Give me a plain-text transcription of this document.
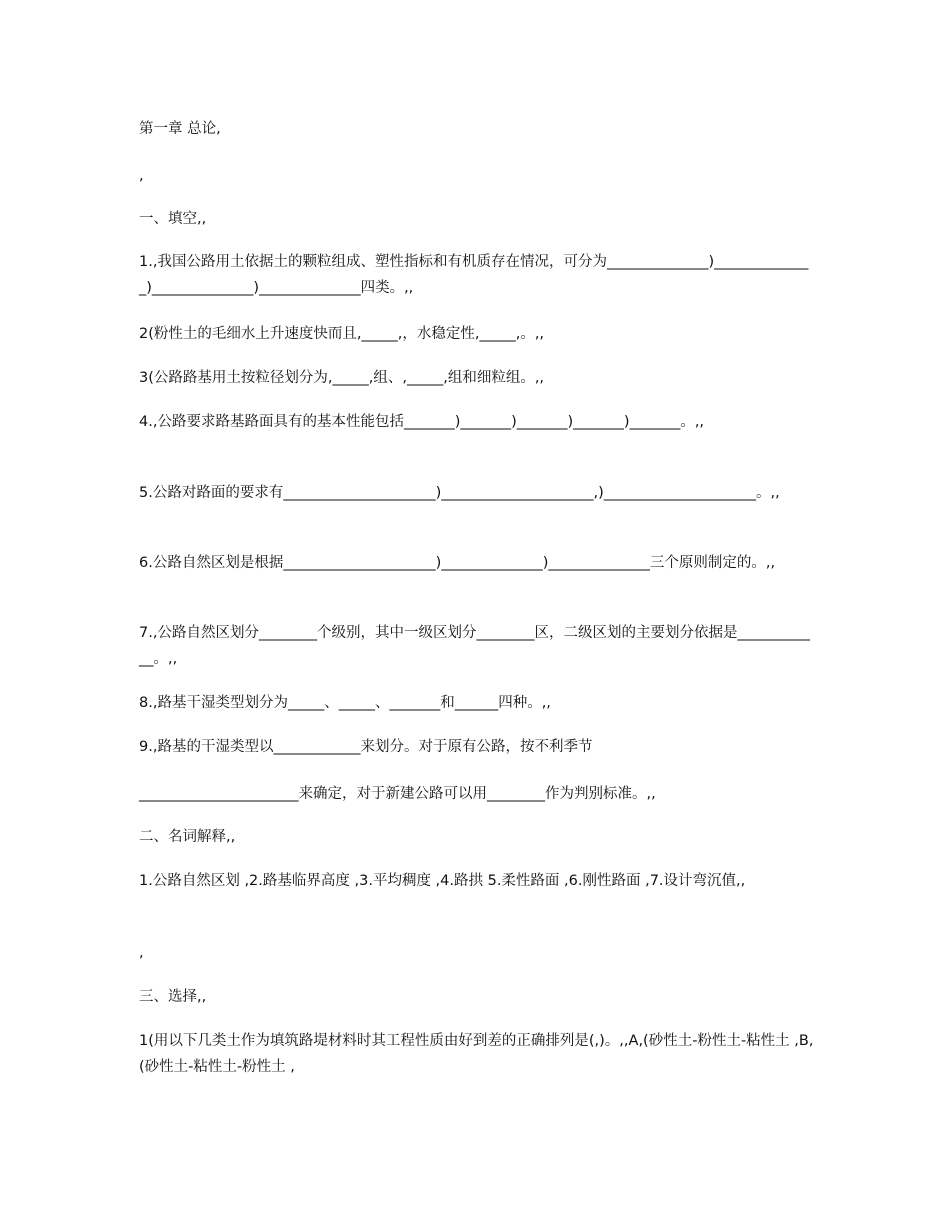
第一章 总论,

,

一、填空,,

1.,我国公路用土依据土的颗粒组成、塑性指标和有机质存在情况，可分为______________)______________)______________)______________四类。,,

2(粉性土的毛细水上升速度快而且,_____,，水稳定性,_____,。,,

3(公路路基用土按粒径划分为,_____,组、,_____,组和细粒组。,,

4.,公路要求路基路面具有的基本性能包括_______)_______)_______)_______)_______。,,

5.公路对路面的要求有_____________________)_____________________,)_____________________。,,

6.公路自然区划是根据_____________________)______________)______________三个原则制定的。,,

7.,公路自然区划分________个级别，其中一级区划分________区，二级区划的主要划分依据是____________。,,

8.,路基干湿类型划分为_____、_____、_______和______四种。,,

9.,路基的干湿类型以____________来划分。对于原有公路，按不利季节

______________________来确定，对于新建公路可以用________作为判别标准。,,

二、名词解释,,

1.公路自然区划 ,2.路基临界高度 ,3.平均稠度 ,4.路拱 5.柔性路面 ,6.刚性路面 ,7.设计弯沉值,,

,

三、选择,,

1(用以下几类土作为填筑路堤材料时其工程性质由好到差的正确排列是(,)。,,A,(砂性土-粉性土-粘性土 ,B,(砂性土-粘性土-粉性土 ,
